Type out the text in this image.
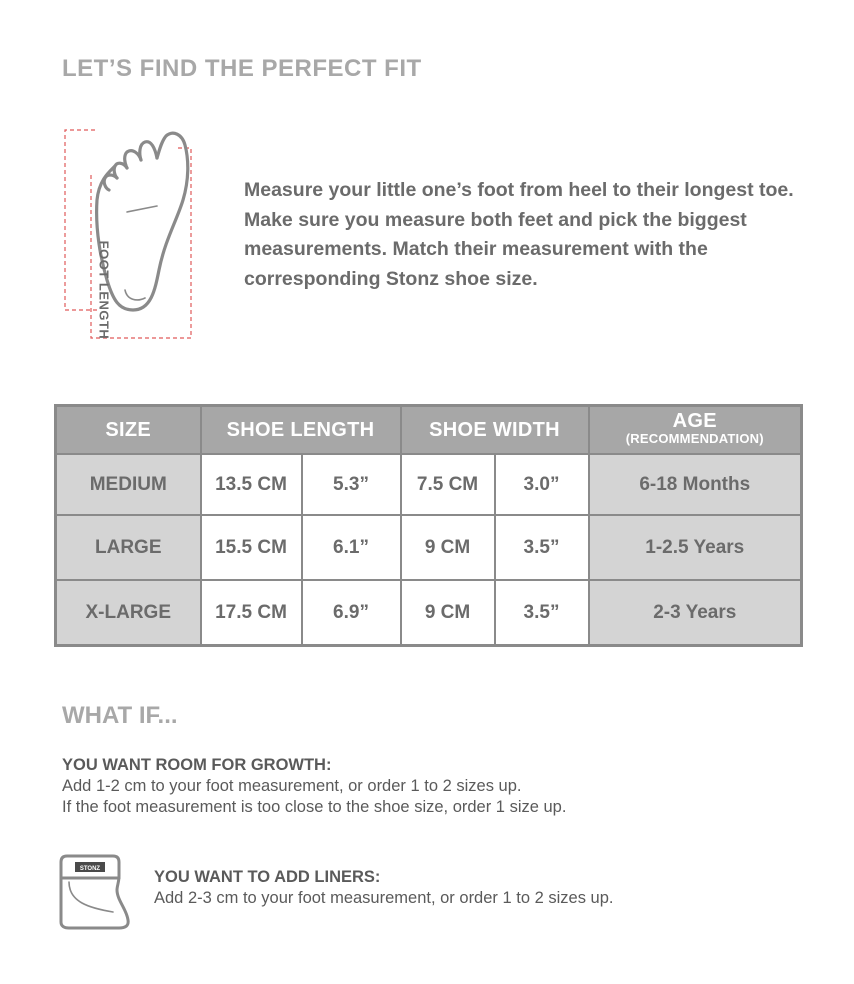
LET’S FIND THE PERFECT FIT
FOOT LENGTH
Measure your little one’s foot from heel to their longest toe. Make sure you measure both feet and pick the biggest measurements. Match their measurement with the corresponding Stonz shoe size.
SIZE	SHOE LENGTH		SHOE WIDTH		AGE
(RECOMMENDATION)

MEDIUM	13.5 CM	5.3”	7.5 CM	3.0”	6-18 Months
LARGE	15.5 CM	6.1”	9 CM	3.5”	1-2.5 Years
X-LARGE	17.5 CM	6.9”	9 CM	3.5”	2-3 Years
WHAT IF...
YOU WANT ROOM FOR GROWTH:
Add 1-2 cm to your foot measurement, or order 1 to 2 sizes up.
If the foot measurement is too close to the shoe size, order 1 size up.
STONZ	YOU WANT TO ADD LINERS:
Add 2-3 cm to your foot measurement, or order 1 to 2 sizes up.
